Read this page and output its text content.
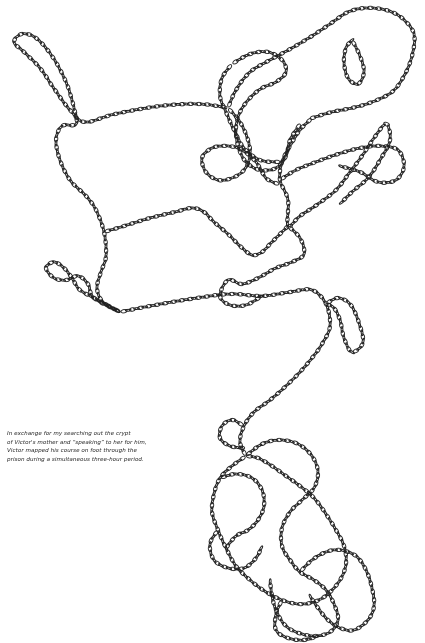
In exchange for my searching out the crypt
of Victor's mother and “speaking” to her for him,
Victor mapped his course on foot through the
prison during a simultaneous three-hour period.
